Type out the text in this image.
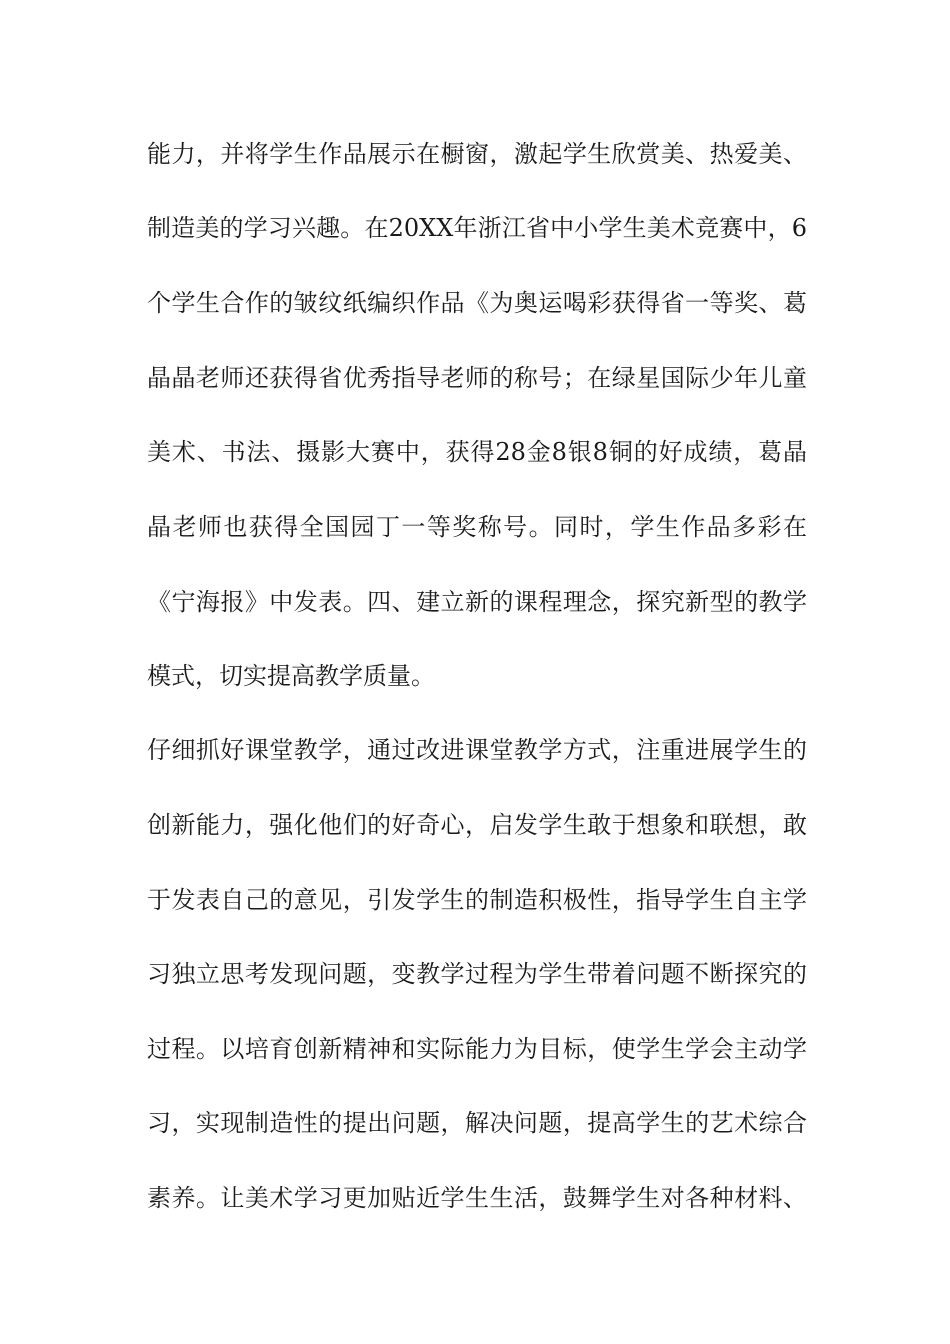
能力，并将学生作品展示在橱窗，激起学生欣赏美、热爱美、
制造美的学习兴趣。在20XX年浙江省中小学生美术竞赛中，6
个学生合作的皱纹纸编织作品《为奥运喝彩获得省一等奖、葛
晶晶老师还获得省优秀指导老师的称号；在绿星国际少年儿童
美术、书法、摄影大赛中，获得28金8银8铜的好成绩，葛晶
晶老师也获得全国园丁一等奖称号。同时，学生作品多彩在
《宁海报》中发表。四、建立新的课程理念，探究新型的教学
模式，切实提高教学质量。
仔细抓好课堂教学，通过改进课堂教学方式，注重进展学生的
创新能力，强化他们的好奇心，启发学生敢于想象和联想，敢
于发表自己的意见，引发学生的制造积极性，指导学生自主学
习独立思考发现问题，变教学过程为学生带着问题不断探究的
过程。以培育创新精神和实际能力为目标，使学生学会主动学
习，实现制造性的提出问题，解决问题，提高学生的艺术综合
素养。让美术学习更加贴近学生生活，鼓舞学生对各种材料、
